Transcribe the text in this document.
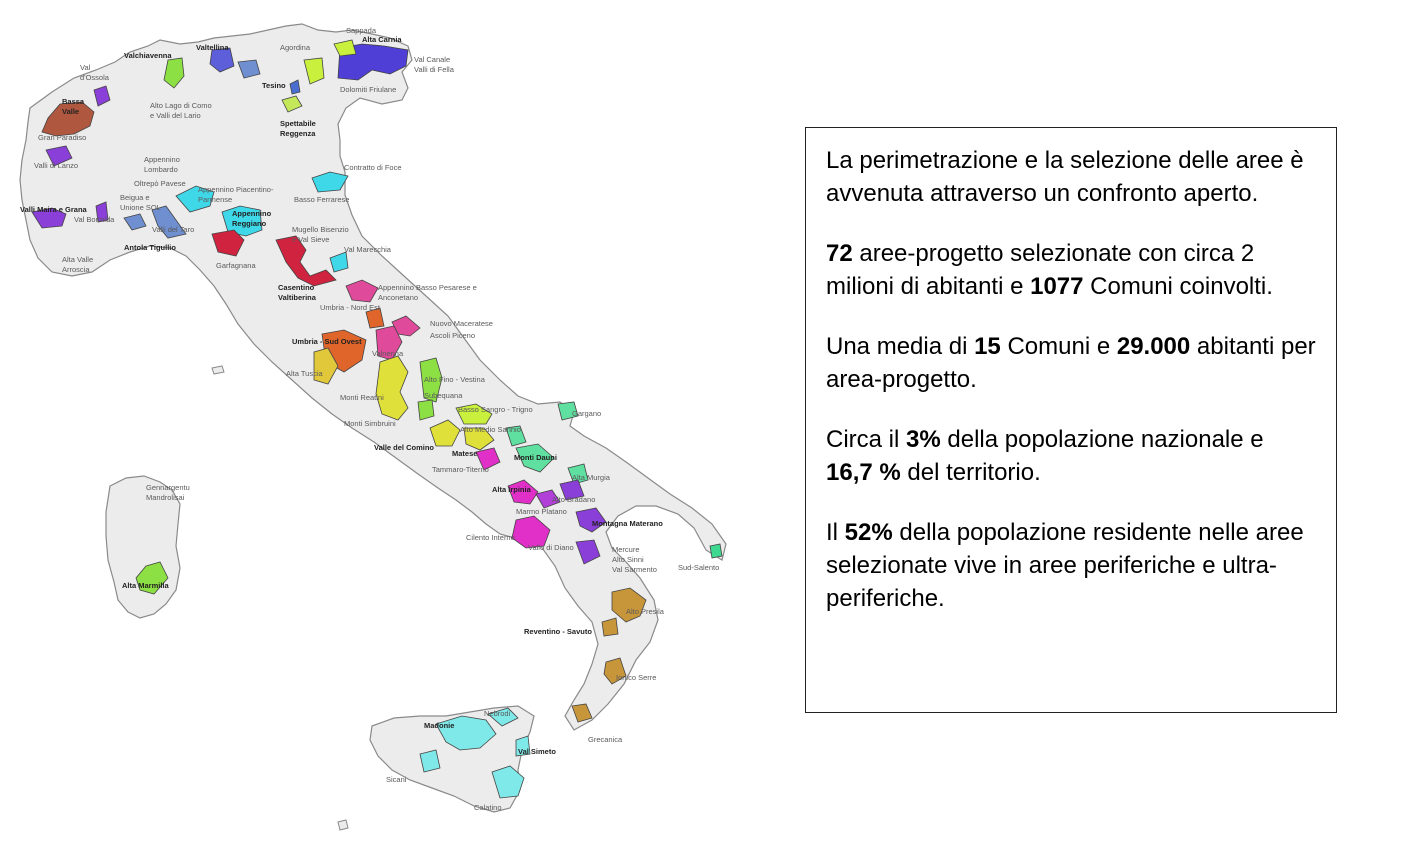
Valchiavenna
Valtellina
Sappada
Alta Carnia
Val Canale Valli di Fella
Val d'Ossola
Agordina
Dolomiti Friulane
Bassa Valle
Gran Paradiso
Alto Lago di Como e Valli del Lario
Tesino
Spettabile Reggenza
Valli di Lanzo
Appennino Lombardo
Oltrepò Pavese
Appennino Piacentino-Parmense
Contratto di Foce
Basso Ferrarese
Valli Maira e Grana
Beigua e Unione SOL
Valli del Taro
Val Bormida
Antola Tigullio
Appennino Reggiano
Mugello Bisenzio e Val Sieve
Val Marecchia
Garfagnana
Alta Valle Arroscia
Casentino Valtiberina
Appennino Basso Pesarese e Anconetano
Umbria - Nord Est
Nuovo Maceratese
Ascoli Piceno
Umbria - Sud Ovest
Valnerina
Alta Tuscia
Alto Fino - Vestina
Monti Reatini	Subequana
Gargano
Basso Sangro - Trigno
Monti Simbruini
Alto Medio Sannio
Matese	Monti Dauni
Valle del Comino
Tammaro-Titerno
Alta Murgia
Alta Irpinia
Alto Bradano
Marmo Platano
Montagna Materano
Gennargentu Mandrolisai
Cilento Interno
Vallo di Diano	Mercure Alto Sinni Val Sarmento
Alta Marmilla
Sud-Salento
Alto Presila
Reventino - Savuto
Ionico Serre
Grecanica
Madonie
Nebrodi
Val Simeto
Sicani
Calatino

La perimetrazione e la selezione delle aree è avvenuta attraverso un confronto aperto.

72 aree-progetto selezionate con circa 2 milioni di abitanti e 1077 Comuni coinvolti.

Una media di 15 Comuni e 29.000 abitanti per area-progetto.

Circa il 3% della popolazione nazionale e 16,7 % del territorio.

Il 52% della popolazione residente nelle aree selezionate vive in aree periferiche e ultra-periferiche.
